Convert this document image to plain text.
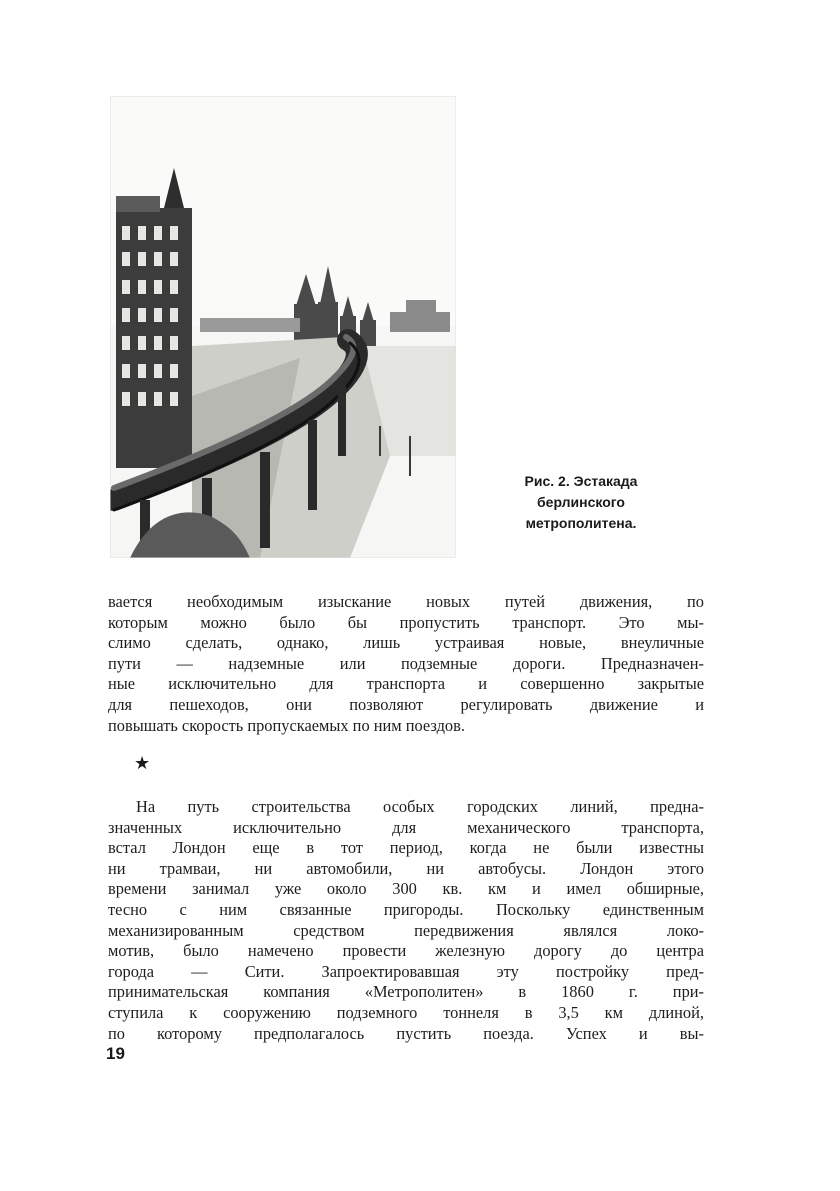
Рис. 2. Эстакада
берлинского
метрополитена.
вается необходимым изыскание новых путей движения, по
которым можно было бы пропустить транспорт. Это мы-
слимо сделать, однако, лишь устраивая новые, внеуличные
пути — надземные или подземные дороги. Предназначен-
ные исключительно для транспорта и совершенно закрытые
для пешеходов, они позволяют регулировать движение и
повышать скорость пропускаемых по ним поездов.
★
На путь строительства особых городских линий, предна-
значенных исключительно для механического транспорта,
встал Лондон еще в тот период, когда не были известны
ни трамваи, ни автомобили, ни автобусы. Лондон этого
времени занимал уже около 300 кв. км и имел обширные,
тесно с ним связанные пригороды. Поскольку единственным
механизированным средством передвижения являлся локо-
мотив, было намечено провести железную дорогу до центра
города — Сити. Запроектировавшая эту постройку пред-
принимательская компания «Метрополитен» в 1860 г. при-
ступила к сооружению подземного тоннеля в 3,5 км длиной,
по которому предполагалось пустить поезда. Успех и вы-
19
